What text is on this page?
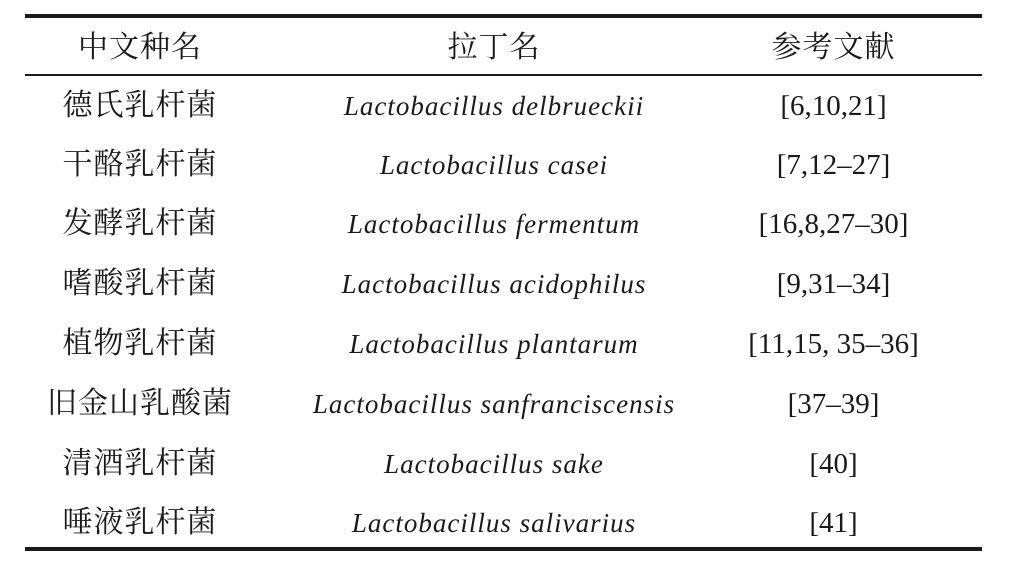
中文种名	拉丁名	参考文献
德氏乳杆菌	Lactobacillus delbrueckii	[6,10,21]
干酪乳杆菌	Lactobacillus casei	[7,12–27]
发酵乳杆菌	Lactobacillus fermentum	[16,8,27–30]
嗜酸乳杆菌	Lactobacillus acidophilus	[9,31–34]
植物乳杆菌	Lactobacillus plantarum	[11,15, 35–36]
旧金山乳酸菌	Lactobacillus sanfranciscensis	[37–39]
清酒乳杆菌	Lactobacillus sake	[40]
唾液乳杆菌	Lactobacillus salivarius	[41]
